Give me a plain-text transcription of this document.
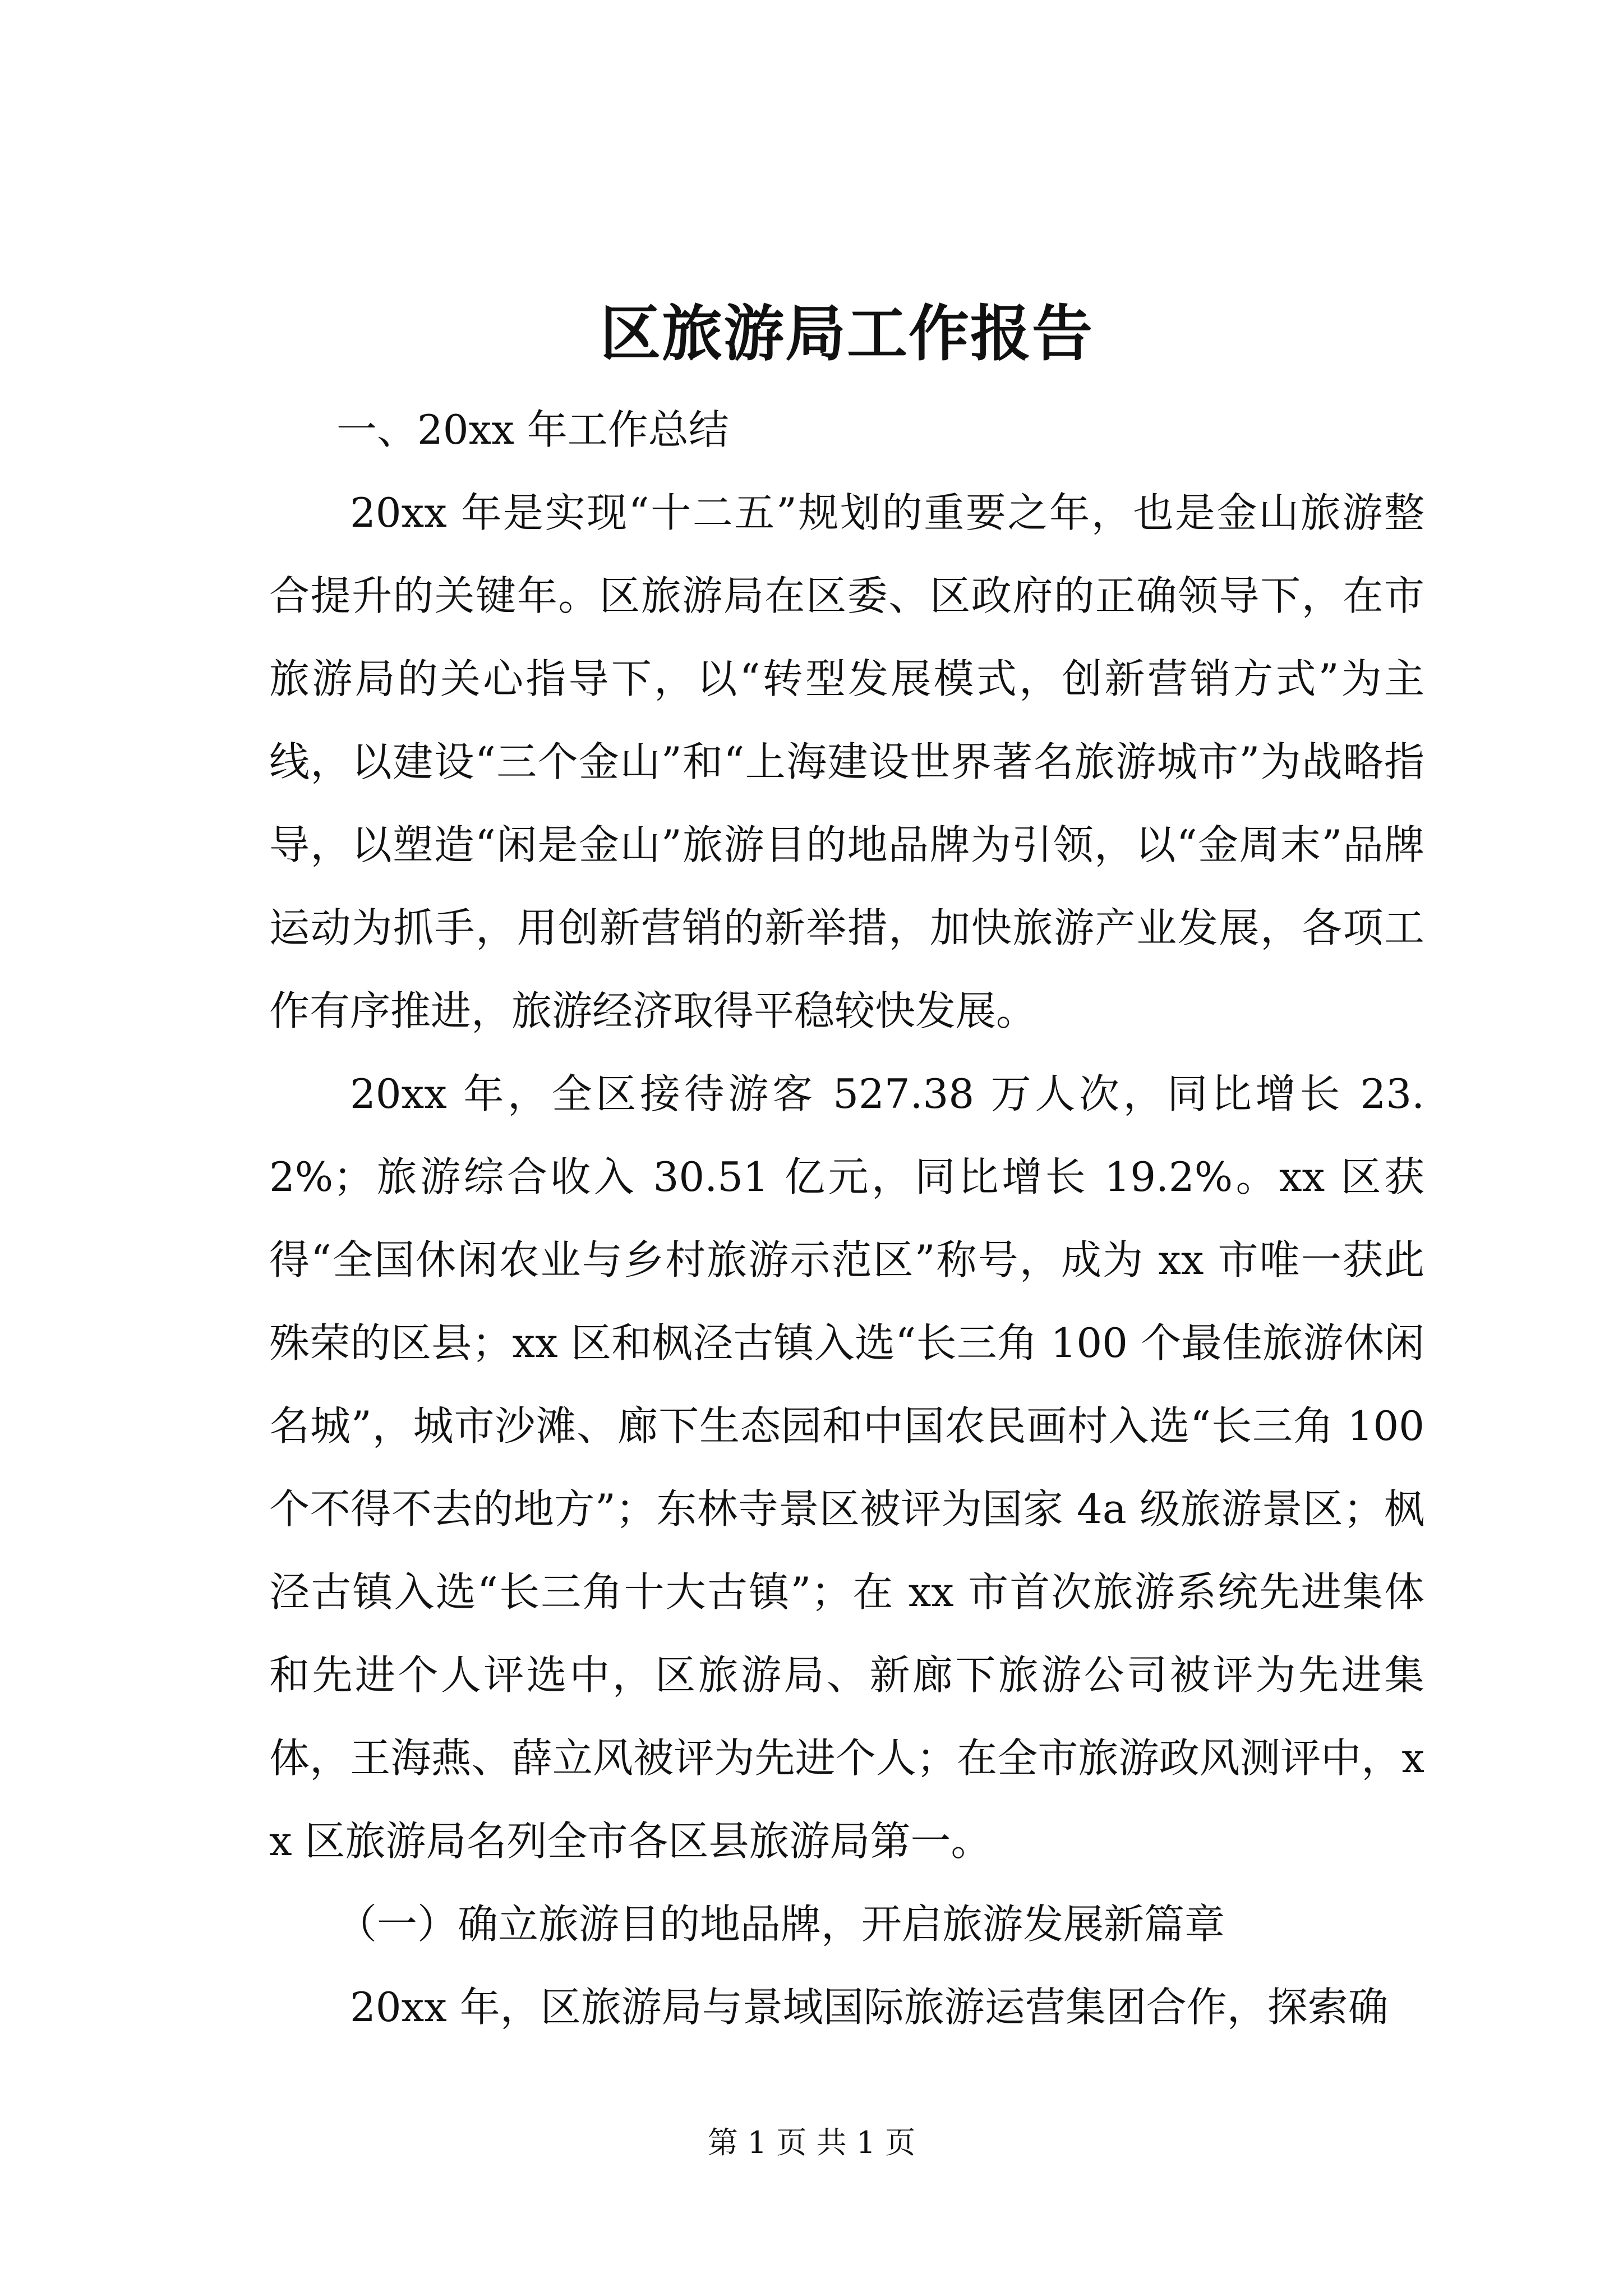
区旅游局工作报告

一、20xx 年工作总结

20xx 年是实现“十二五”规划的重要之年，也是金山旅游整合提升的关键年。区旅游局在区委、区政府的正确领导下，在市旅游局的关心指导下，以“转型发展模式，创新营销方式”为主线，以建设“三个金山”和“上海建设世界著名旅游城市”为战略指导，以塑造“闲是金山”旅游目的地品牌为引领，以“金周末”品牌运动为抓手，用创新营销的新举措，加快旅游产业发展，各项工作有序推进，旅游经济取得平稳较快发展。

20xx 年，全区接待游客 527.38 万人次，同比增长 23.2%；旅游综合收入 30.51 亿元，同比增长 19.2%。xx 区获得“全国休闲农业与乡村旅游示范区”称号，成为 xx 市唯一获此殊荣的区县；xx 区和枫泾古镇入选“长三角 100 个最佳旅游休闲名城”，城市沙滩、廊下生态园和中国农民画村入选“长三角 100 个不得不去的地方”；东林寺景区被评为国家 4a 级旅游景区；枫泾古镇入选“长三角十大古镇”；在 xx 市首次旅游系统先进集体和先进个人评选中，区旅游局、新廊下旅游公司被评为先进集体，王海燕、薛立风被评为先进个人；在全市旅游政风测评中，xx 区旅游局名列全市各区县旅游局第一。

（一）确立旅游目的地品牌，开启旅游发展新篇章

20xx 年，区旅游局与景域国际旅游运营集团合作，探索确

第 1 页 共 1 页
